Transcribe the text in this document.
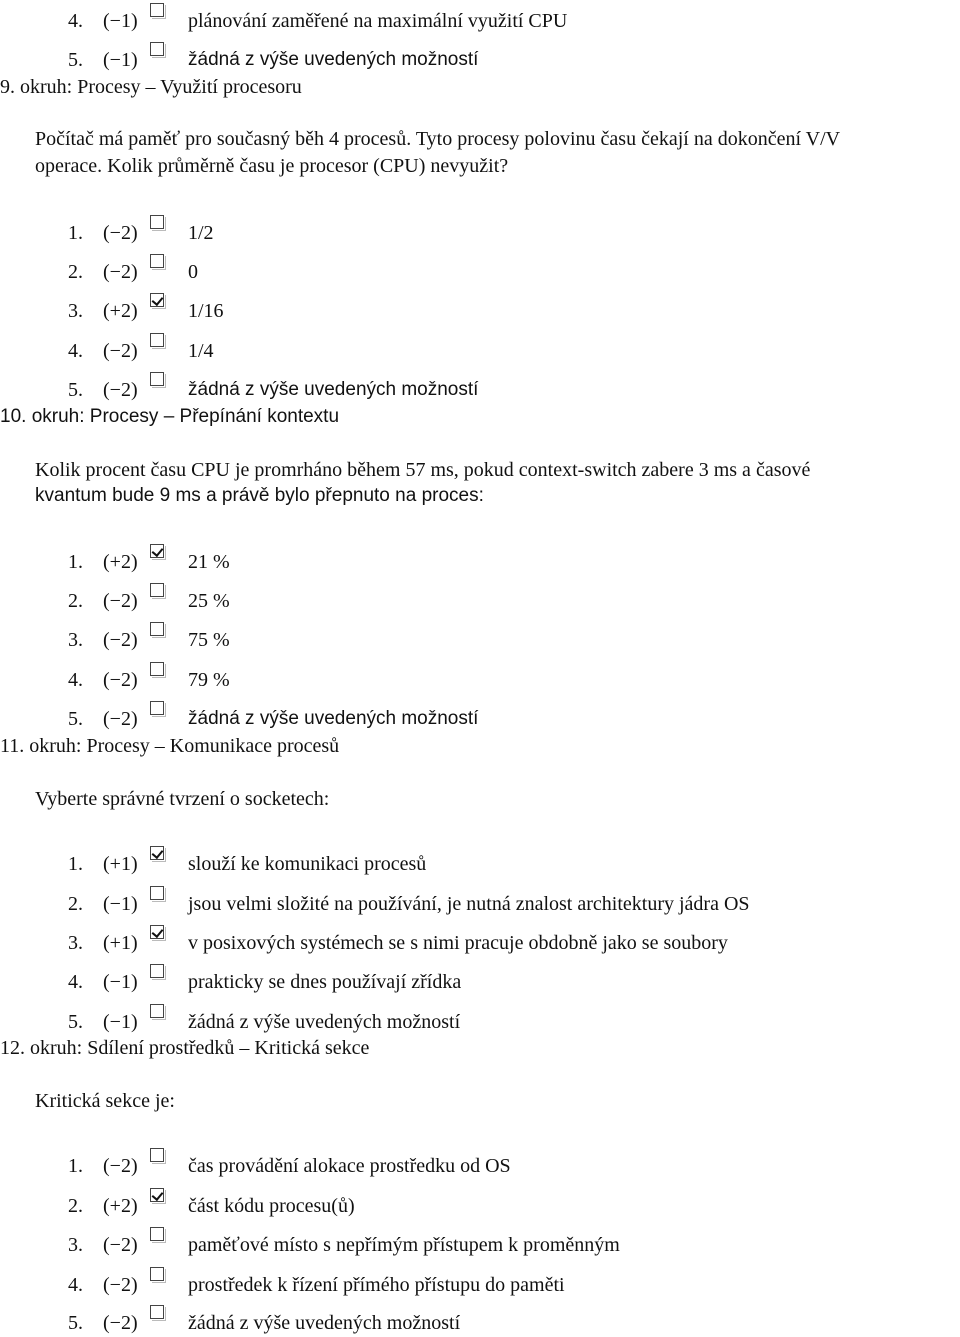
4. (−1)	plánování zaměřené na maximální využití CPU
5. (−1)	žádná z výše uvedených možností
9. okruh: Procesy – Využití procesoru
Počítač má paměť pro současný běh 4 procesů. Tyto procesy polovinu času čekají na dokončení V/V
operace. Kolik průměrně času je procesor (CPU) nevyužit?
1. (−2)	1/2
2. (−2)	0
3. (+2)	1/16
4. (−2)	1/4
5. (−2)	žádná z výše uvedených možností
10. okruh: Procesy – Přepínání kontextu
Kolik procent času CPU je promrháno během 57 ms, pokud context-switch zabere 3 ms a časové
kvantum bude 9 ms a právě bylo přepnuto na proces:
1. (+2)	21 %
2. (−2)	25 %
3. (−2)	75 %
4. (−2)	79 %
5. (−2)	žádná z výše uvedených možností
11. okruh: Procesy – Komunikace procesů
Vyberte správné tvrzení o socketech:
1. (+1)	slouží ke komunikaci procesů
2. (−1)	jsou velmi složité na používání, je nutná znalost architektury jádra OS
3. (+1)	v posixových systémech se s nimi pracuje obdobně jako se soubory
4. (−1)	prakticky se dnes používají zřídka
5. (−1)	žádná z výše uvedených možností
12. okruh: Sdílení prostředků – Kritická sekce
Kritická sekce je:
1. (−2)	čas provádění alokace prostředku od OS
2. (+2)	část kódu procesu(ů)
3. (−2)	paměťové místo s nepřímým přístupem k proměnným
4. (−2)	prostředek k řízení přímého přístupu do paměti
5. (−2)	žádná z výše uvedených možností
